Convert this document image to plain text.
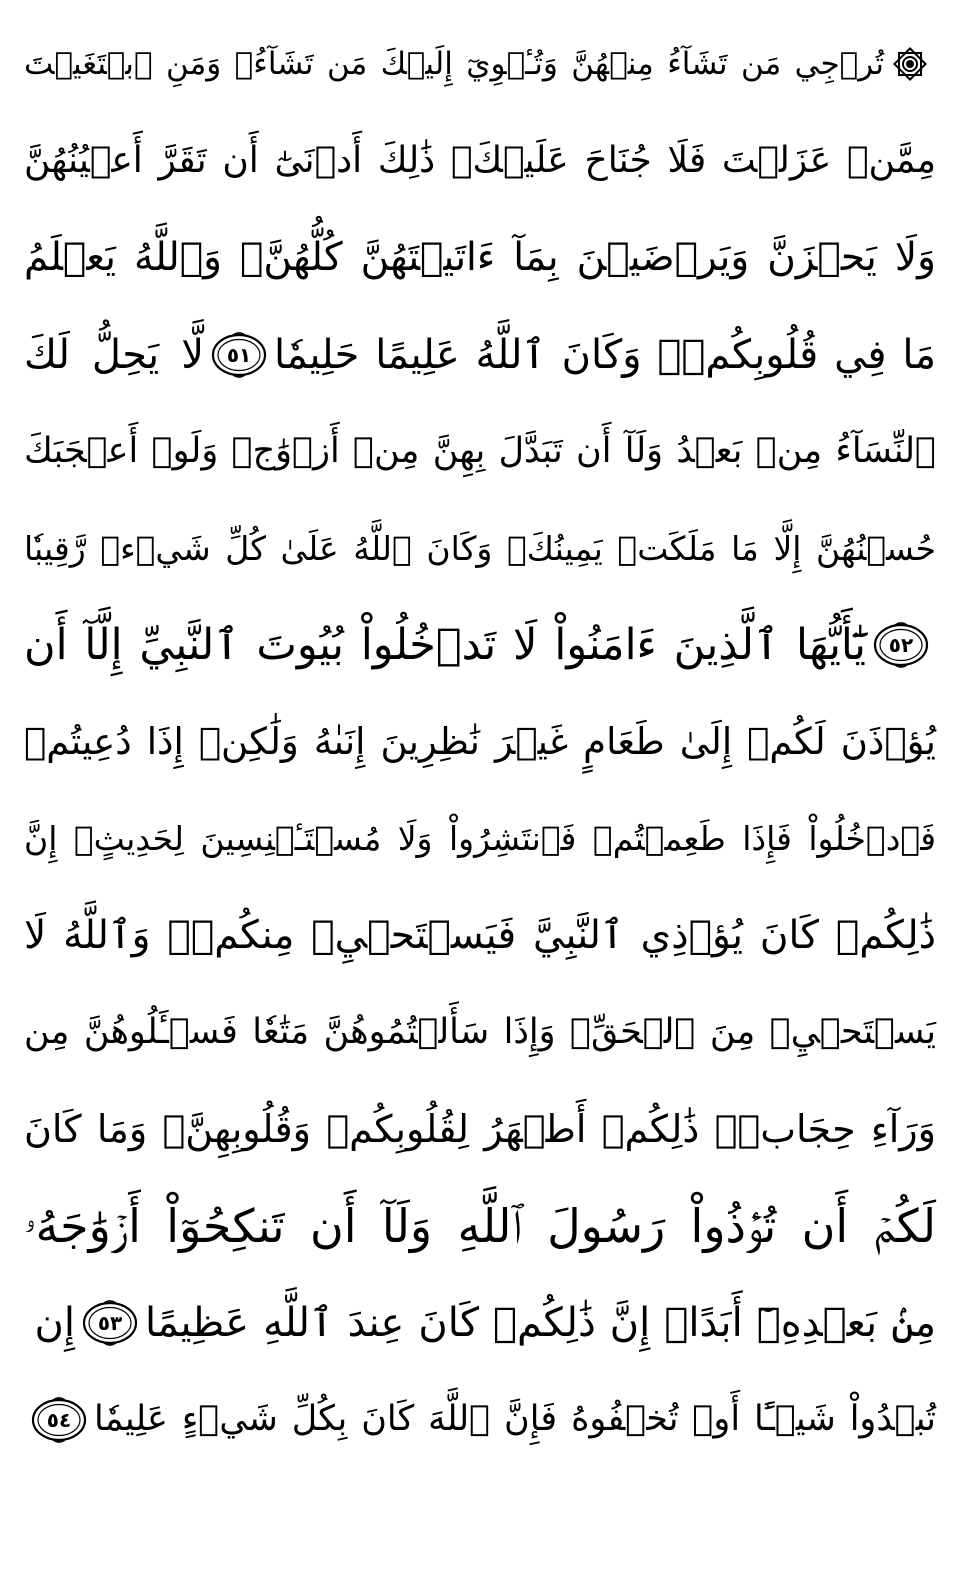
تُرۡجِي مَن تَشَآءُ مِنۡهُنَّ وَتُـٔۡوِيٓ إِلَيۡكَ مَن تَشَآءُۖ وَمَنِ ٱبۡتَغَيۡتَ
مِمَّنۡ عَزَلۡتَ فَلَا جُنَاحَ عَلَيۡكَۚ ذَٰلِكَ أَدۡنَىٰٓ أَن تَقَرَّ أَعۡيُنُهُنَّ
وَلَا يَحۡزَنَّ وَيَرۡضَيۡنَ بِمَآ ءَاتَيۡتَهُنَّ كُلُّهُنَّۚ وَٱللَّهُ يَعۡلَمُ
مَا فِي قُلُوبِكُمۡۚ وَكَانَ ٱللَّهُ عَلِيمًا حَلِيمٗا
٥١
لَّا يَحِلُّ لَكَ
ٱلنِّسَآءُ مِنۢ بَعۡدُ وَلَآ أَن تَبَدَّلَ بِهِنَّ مِنۡ أَزۡوَٰجٖ وَلَوۡ أَعۡجَبَكَ
حُسۡنُهُنَّ إِلَّا مَا مَلَكَتۡ يَمِينُكَۗ وَكَانَ ٱللَّهُ عَلَىٰ كُلِّ شَيۡءٖ رَّقِيبٗا
٥٢
يَٰٓأَيُّهَا ٱلَّذِينَ ءَامَنُواْ لَا تَدۡخُلُواْ بُيُوتَ ٱلنَّبِيِّ إِلَّآ أَن
يُؤۡذَنَ لَكُمۡ إِلَىٰ طَعَامٍ غَيۡرَ نَٰظِرِينَ إِنَىٰهُ وَلَٰكِنۡ إِذَا دُعِيتُمۡ
فَٱدۡخُلُواْ فَإِذَا طَعِمۡتُمۡ فَٱنتَشِرُواْ وَلَا مُسۡتَـٔۡنِسِينَ لِحَدِيثٍۚ إِنَّ
ذَٰلِكُمۡ كَانَ يُؤۡذِي ٱلنَّبِيَّ فَيَسۡتَحۡيِۦ مِنكُمۡۖ وَٱللَّهُ لَا
يَسۡتَحۡيِۦ مِنَ ٱلۡحَقِّۚ وَإِذَا سَأَلۡتُمُوهُنَّ مَتَٰعٗا فَسۡـَٔلُوهُنَّ مِن
وَرَآءِ حِجَابٖۚ ذَٰلِكُمۡ أَطۡهَرُ لِقُلُوبِكُمۡ وَقُلُوبِهِنَّۚ وَمَا كَانَ
لَكُمۡ أَن تُؤۡذُواْ رَسُولَ ٱللَّهِ وَلَآ أَن تَنكِحُوٓاْ أَزۡوَٰجَهُۥ
مِنۢ بَعۡدِهِۦٓ أَبَدًاۚ إِنَّ ذَٰلِكُمۡ كَانَ عِندَ ٱللَّهِ عَظِيمًا
٥٣
إِن
تُبۡدُواْ شَيۡـًٔا أَوۡ تُخۡفُوهُ فَإِنَّ ٱللَّهَ كَانَ بِكُلِّ شَيۡءٍ عَلِيمٗا
٥٤
